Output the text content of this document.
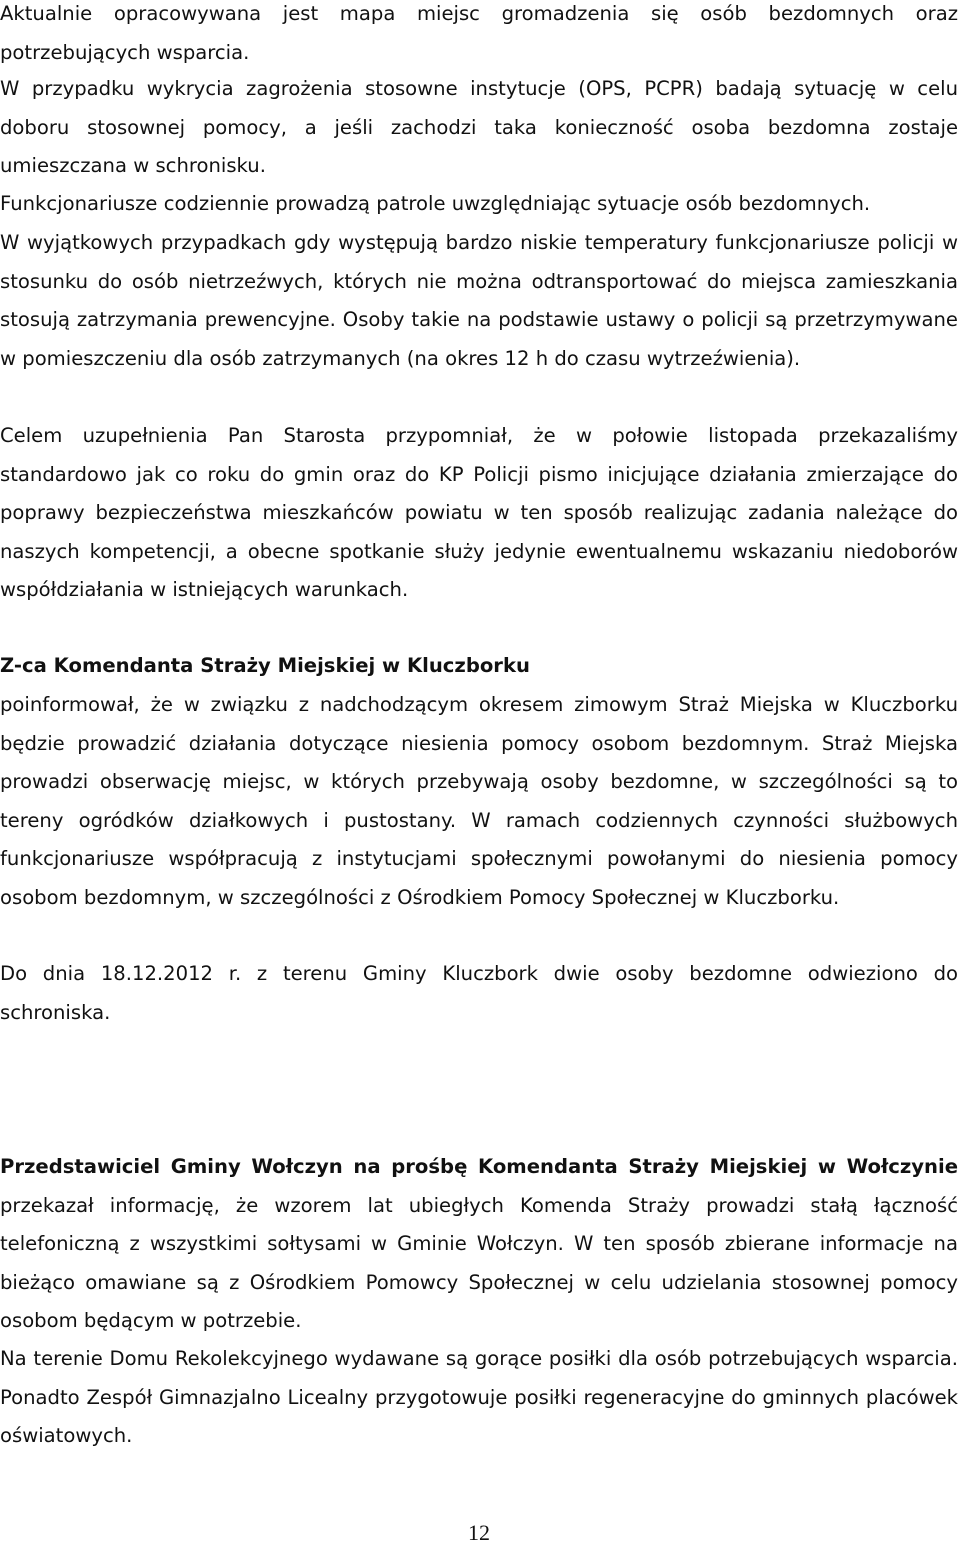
Aktualnie opracowywana jest mapa miejsc gromadzenia się osób bezdomnych oraz potrzebujących wsparcia.

W przypadku wykrycia zagrożenia stosowne instytucje (OPS, PCPR) badają sytuację w celu doboru stosownej pomocy, a jeśli zachodzi taka konieczność osoba bezdomna zostaje umieszczana w schronisku.

Funkcjonariusze codziennie prowadzą patrole uwzględniając sytuacje osób bezdomnych.

W wyjątkowych przypadkach gdy występują bardzo niskie temperatury funkcjonariusze policji w stosunku do osób nietrzeźwych, których nie można odtransportować do miejsca zamieszkania stosują zatrzymania prewencyjne. Osoby takie na podstawie ustawy o policji są przetrzymywane w pomieszczeniu dla osób zatrzymanych (na okres 12 h do czasu wytrzeźwienia).

Celem uzupełnienia Pan Starosta przypomniał, że w połowie listopada przekazaliśmy standardowo jak co roku do gmin oraz do KP Policji pismo inicjujące działania zmierzające do poprawy bezpieczeństwa mieszkańców powiatu w ten sposób realizując zadania należące do naszych kompetencji, a obecne spotkanie służy jedynie ewentualnemu wskazaniu niedoborów współdziałania w istniejących warunkach.

Z-ca Komendanta Straży Miejskiej w Kluczborku

poinformował, że w związku z nadchodzącym okresem zimowym Straż Miejska w Kluczborku będzie prowadzić działania dotyczące niesienia pomocy osobom bezdomnym. Straż Miejska prowadzi obserwację miejsc, w których przebywają osoby bezdomne, w szczególności są to tereny ogródków działkowych i pustostany. W ramach codziennych czynności służbowych funkcjonariusze współpracują z instytucjami społecznymi powołanymi do niesienia pomocy osobom bezdomnym, w szczególności z Ośrodkiem Pomocy Społecznej w Kluczborku.

Do dnia 18.12.2012 r. z terenu Gminy Kluczbork dwie osoby bezdomne odwieziono do schroniska.

Przedstawiciel Gminy Wołczyn na prośbę Komendanta Straży Miejskiej w Wołczynie przekazał informację, że wzorem lat ubiegłych Komenda Straży prowadzi stałą łączność telefoniczną z wszystkimi sołtysami w Gminie Wołczyn. W ten sposób zbierane informacje na bieżąco omawiane są z Ośrodkiem Pomowcy Społecznej w celu udzielania stosownej pomocy osobom będącym w potrzebie.

Na terenie Domu Rekolekcyjnego wydawane są gorące posiłki dla osób potrzebujących wsparcia. Ponadto Zespół Gimnazjalno Licealny przygotowuje posiłki regeneracyjne do gminnych placówek oświatowych.

12
